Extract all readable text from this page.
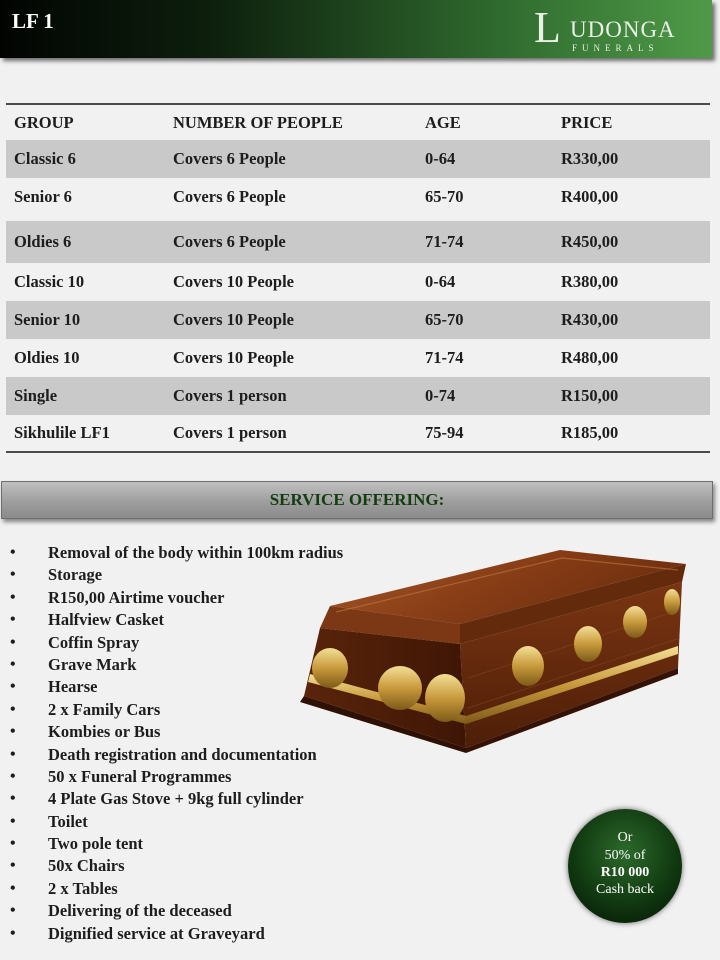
LF 1	L UDONGA
FUNERALS
GROUP	NUMBER OF PEOPLE	AGE	PRICE
Classic 6	Covers 6 People	0-64	R330,00
Senior 6	Covers 6 People	65-70	R400,00
Oldies 6	Covers 6 People	71-74	R450,00
Classic 10	Covers 10 People	0-64	R380,00
Senior 10	Covers 10 People	65-70	R430,00
Oldies 10	Covers 10 People	71-74	R480,00
Single	Covers 1 person	0-74	R150,00
Sikhulile LF1	Covers 1 person	75-94	R185,00
SERVICE OFFERING:
• Removal of the body within 100km radius
• Storage
• R150,00 Airtime voucher
• Halfview Casket
• Coffin Spray
• Grave Mark
• Hearse
• 2 x Family Cars
• Kombies or Bus
• Death registration and documentation
• 50 x Funeral Programmes
• 4 Plate Gas Stove + 9kg full cylinder
• Toilet
• Two pole tent
• 50x Chairs
• 2 x Tables
• Delivering of the deceased
• Dignified service at Graveyard
Or
50% of
R10 000
Cash back
